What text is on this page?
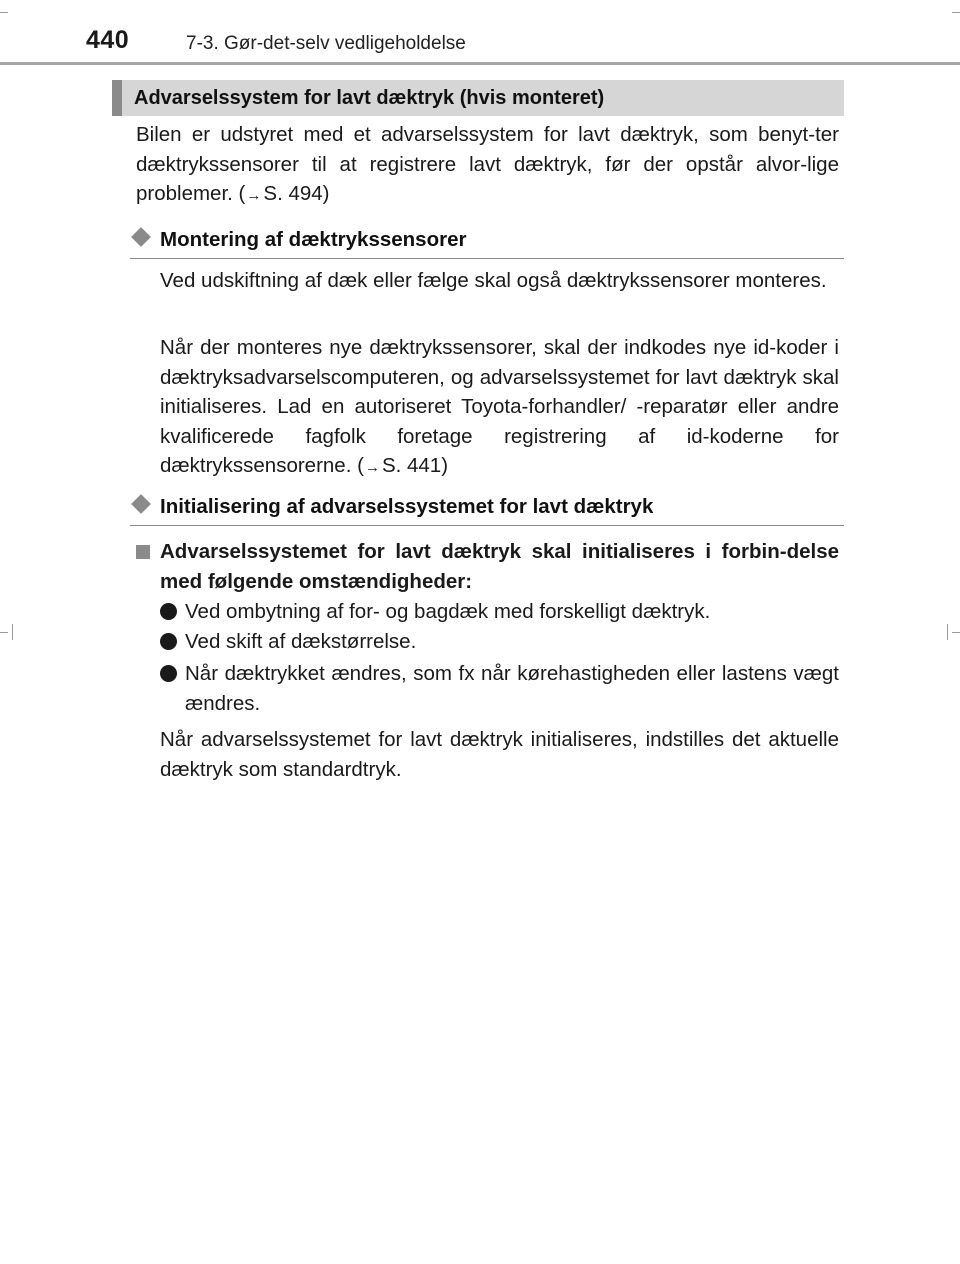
440	7-3. Gør-det-selv vedligeholdelse
Advarselssystem for lavt dæktryk (hvis monteret)
Bilen er udstyret med et advarselssystem for lavt dæktryk, som benyt-ter dæktrykssensorer til at registrere lavt dæktryk, før der opstår alvor-lige problemer. (→S. 494)
Montering af dæktrykssensorer
Ved udskiftning af dæk eller fælge skal også dæktrykssensorer monteres.
Når der monteres nye dæktrykssensorer, skal der indkodes nye id-koder i dæktryksadvarselscomputeren, og advarselssystemet for lavt dæktryk skal initialiseres. Lad en autoriseret Toyota-forhandler/ -reparatør eller andre kvalificerede fagfolk foretage registrering af id-koderne for dæktrykssensorerne. (→S. 441)
Initialisering af advarselssystemet for lavt dæktryk
Advarselssystemet for lavt dæktryk skal initialiseres i forbin-delse med følgende omstændigheder:
Ved ombytning af for- og bagdæk med forskelligt dæktryk.
Ved skift af dækstørrelse.
Når dæktrykket ændres, som fx når kørehastigheden eller lastens vægt ændres.
Når advarselssystemet for lavt dæktryk initialiseres, indstilles det aktuelle dæktryk som standardtryk.
